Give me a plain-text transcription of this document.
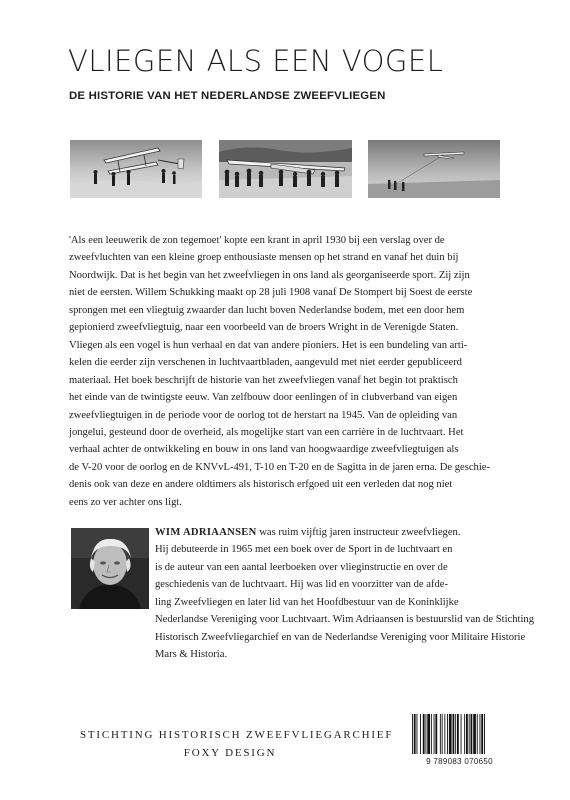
VLIEGEN ALS EEN VOGEL
DE HISTORIE VAN HET NEDERLANDSE ZWEEFVLIEGEN

'Als een leeuwerik de zon tegemoet' kopte een krant in april 1930 bij een verslag over de
zweefvluchten van een kleine groep enthousiaste mensen op het strand en vanaf het duin bij
Noordwijk. Dat is het begin van het zweefvliegen in ons land als georganiseerde sport. Zij zijn
niet de eersten. Willem Schukking maakt op 28 juli 1908 vanaf De Stompert bij Soest de eerste
sprongen met een vliegtuig zwaarder dan lucht boven Nederlandse bodem, met een door hem
gepionierd zweefvliegtuig, naar een voorbeeld van de broers Wright in de Verenigde Staten.
Vliegen als een vogel is hun verhaal en dat van andere pioniers. Het is een bundeling van arti-
kelen die eerder zijn verschenen in luchtvaartbladen, aangevuld met niet eerder gepubliceerd
materiaal. Het boek beschrijft de historie van het zweefvliegen vanaf het begin tot praktisch
het einde van de twintigste eeuw. Van zelfbouw door eenlingen of in clubverband van eigen
zweefvliegtuigen in de periode voor de oorlog tot de herstart na 1945. Van de opleiding van
jongelui, gesteund door de overheid, als mogelijke start van een carrière in de luchtvaart. Het
verhaal achter de ontwikkeling en bouw in ons land van hoogwaardige zweefvliegtuigen als
de V-20 voor de oorlog en de KNVvL-491, T-10 en T-20 en de Sagitta in de jaren erna. De geschie-
denis ook van deze en andere oldtimers als historisch erfgoed uit een verleden dat nog niet
eens zo ver achter ons ligt.

WIM ADRIAANSEN was ruim vijftig jaren instructeur zweefvliegen.
Hij debuteerde in 1965 met een boek over de Sport in de luchtvaart en
is de auteur van een aantal leerboeken over vlieginstructie en over de
geschiedenis van de luchtvaart. Hij was lid en voorzitter van de afde-
ling Zweefvliegen en later lid van het Hoofdbestuur van de Koninklijke
Nederlandse Vereniging voor Luchtvaart. Wim Adriaansen is bestuurslid van de Stichting
Historisch Zweefvliegarchief en van de Nederlandse Vereniging voor Militaire Historie
Mars & Historia.

STICHTING HISTORISCH ZWEEFVLIEGARCHIEF
FOXY DESIGN
9 789083 070650
